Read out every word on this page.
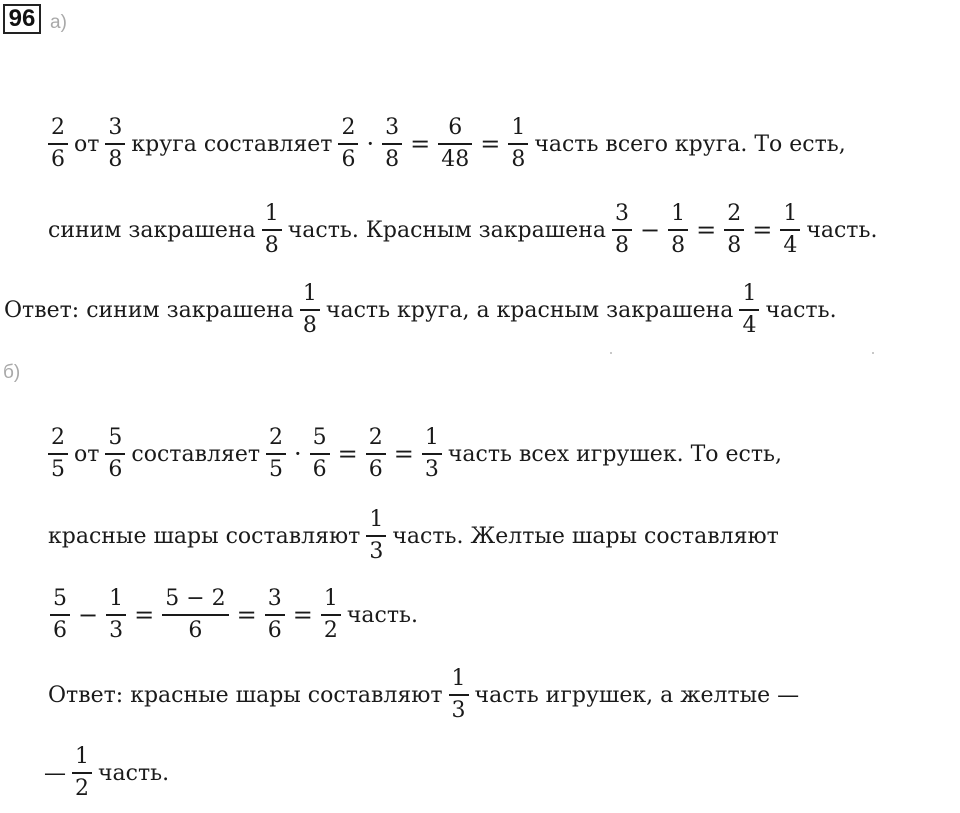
96 а)
$\frac{2}{6}$ от $\frac{3}{8}$ круга составляет $\frac{2}{6} \cdot \frac{3}{8} = \frac{6}{48} = \frac{1}{8}$ часть всего круга. То есть,
синим закрашена $\frac{1}{8}$ часть. Красным закрашена $\frac{3}{8} - \frac{1}{8} = \frac{2}{8} = \frac{1}{4}$ часть.
Ответ: синим закрашена $\frac{1}{8}$ часть круга, а красным закрашена $\frac{1}{4}$ часть.
б)
$\frac{2}{5}$ от $\frac{5}{6}$ составляет $\frac{2}{5} \cdot \frac{5}{6} = \frac{2}{6} = \frac{1}{3}$ часть всех игрушек. То есть,
красные шары составляют $\frac{1}{3}$ часть. Желтые шары составляют
$\frac{5}{6} - \frac{1}{3} = \frac{5 - 2}{6} = \frac{3}{6} = \frac{1}{2}$ часть.
Ответ: красные шары составляют $\frac{1}{3}$ часть игрушек, а желтые —
— $\frac{1}{2}$ часть.
